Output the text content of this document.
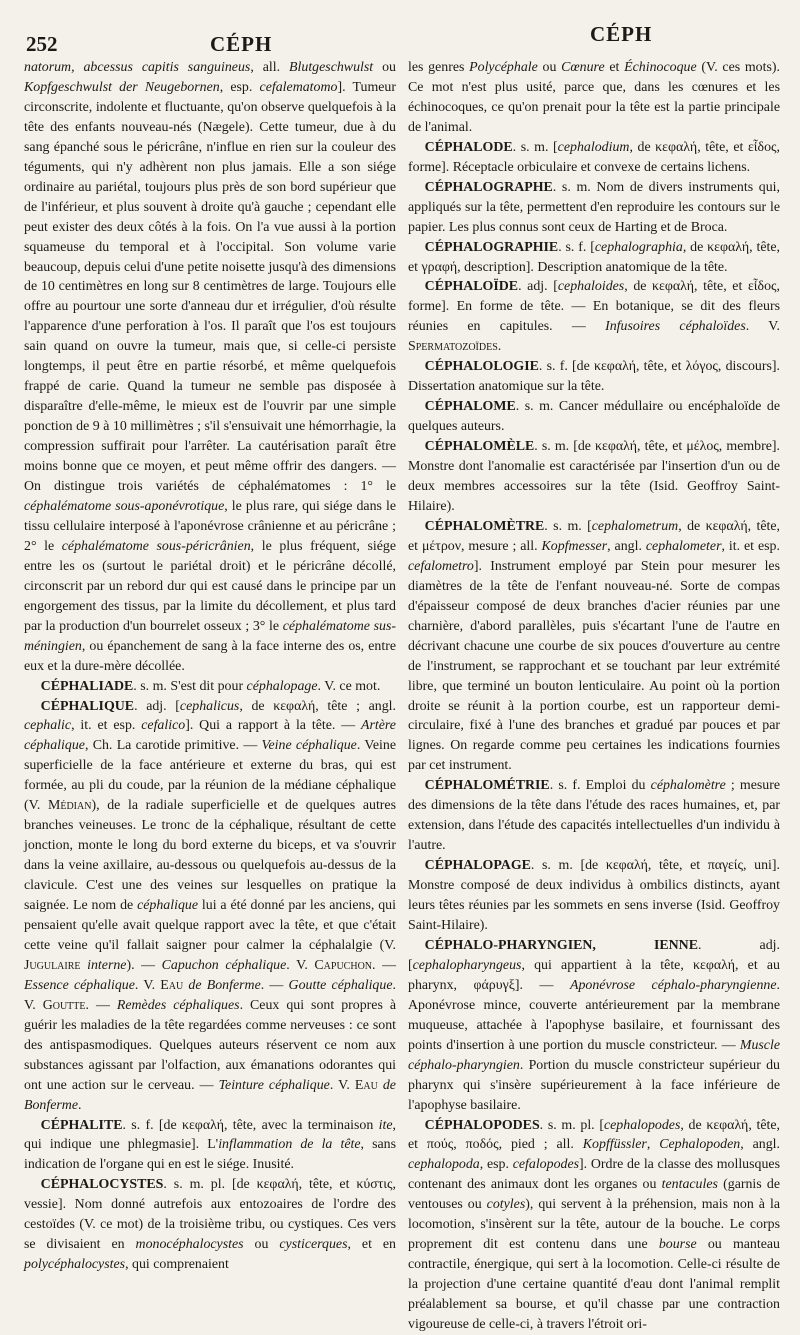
252	CÉPH	CÉPH

natorum, abcessus capitis sanguineus, all. Blutgeschwulst ou Kopfgeschwulst der Neugebornen, esp. cefalematomo]. Tumeur circonscrite, indolente et fluctuante, qu'on observe quelquefois à la tête des enfants nouveau-nés (Nægele). Cette tumeur, due à du sang épanché sous le péricrâne, n'influe en rien sur la couleur des téguments, qui n'y adhèrent non plus jamais. Elle a son siége ordinaire au pariétal, toujours plus près de son bord supérieur que de l'inférieur, et plus souvent à droite qu'à gauche ; cependant elle peut exister des deux côtés à la fois. On l'a vue aussi à la portion squameuse du temporal et à l'occipital. Son volume varie beaucoup, depuis celui d'une petite noisette jusqu'à des dimensions de 10 centimètres en long sur 8 centimètres de large. Toujours elle offre au pourtour une sorte d'anneau dur et irrégulier, d'où résulte l'apparence d'une perforation à l'os. Il paraît que l'os est toujours sain quand on ouvre la tumeur, mais que, si celle-ci persiste longtemps, il peut être en partie résorbé, et même quelquefois frappé de carie. Quand la tumeur ne semble pas disposée à disparaître d'elle-même, le mieux est de l'ouvrir par une simple ponction de 9 à 10 millimètres ; s'il s'ensuivait une hémorrhagie, la compression suffirait pour l'arrêter. La cautérisation paraît être moins bonne que ce moyen, et peut même offrir des dangers. — On distingue trois variétés de céphalématomes : 1° le céphalématome sous-aponévrotique, le plus rare, qui siége dans le tissu cellulaire interposé à l'aponévrose crânienne et au péricrâne ; 2° le céphalématome sous-péricrânien, le plus fréquent, siége entre les os (surtout le pariétal droit) et le péricrâne décollé, circonscrit par un rebord dur qui est causé dans le principe par un engorgement des tissus, par la limite du décollement, et plus tard par la production d'un bourrelet osseux ; 3° le céphalématome sus-méningien, ou épanchement de sang à la face interne des os, entre eux et la dure-mère décollée.

CÉPHALIADE. s. m. S'est dit pour céphalopage. V. ce mot.

CÉPHALIQUE. adj. [cephalicus, de κεφαλή, tête ; angl. cephalic, it. et esp. cefalico]. Qui a rapport à la tête. — Artère céphalique, Ch. La carotide primitive. — Veine céphalique. Veine superficielle de la face antérieure et externe du bras, qui est formée, au pli du coude, par la réunion de la médiane céphalique (V. Médian), de la radiale superficielle et de quelques autres branches veineuses. Le tronc de la céphalique, résultant de cette jonction, monte le long du bord externe du biceps, et va s'ouvrir dans la veine axillaire, au-dessous ou quelquefois au-dessus de la clavicule. C'est une des veines sur lesquelles on pratique la saignée. Le nom de céphalique lui a été donné par les anciens, qui pensaient qu'elle avait quelque rapport avec la tête, et que c'était cette veine qu'il fallait saigner pour calmer la céphalalgie (V. Jugulaire interne). — Capuchon céphalique. V. Capuchon. — Essence céphalique. V. Eau de Bonferme. — Goutte céphalique. V. Goutte. — Remèdes céphaliques. Ceux qui sont propres à guérir les maladies de la tête regardées comme nerveuses : ce sont des antispasmodiques. Quelques auteurs réservent ce nom aux substances agissant par l'olfaction, aux émanations odorantes qui ont une action sur le cerveau. — Teinture céphalique. V. Eau de Bonferme.

CÉPHALITE. s. f. [de κεφαλή, tête, avec la terminaison ite, qui indique une phlegmasie]. L'inflammation de la tête, sans indication de l'organe qui en est le siége. Inusité.

CÉPHALOCYSTES. s. m. pl. [de κεφαλή, tête, et κύστις, vessie]. Nom donné autrefois aux entozoaires de l'ordre des cestoïdes (V. ce mot) de la troisième tribu, ou cystiques. Ces vers se divisaient en monocéphalocystes ou cysticerques, et en polycéphalocystes, qui comprenaient

les genres Polycéphale ou Cœnure et Échinocoque (V. ces mots). Ce mot n'est plus usité, parce que, dans les cœnures et les échinocoques, ce qu'on prenait pour la tête est la partie principale de l'animal.

CÉPHALODE. s. m. [cephalodium, de κεφαλή, tête, et εἶδος, forme]. Réceptacle orbiculaire et convexe de certains lichens.

CÉPHALOGRAPHE. s. m. Nom de divers instruments qui, appliqués sur la tête, permettent d'en reproduire les contours sur le papier. Les plus connus sont ceux de Harting et de Broca.

CÉPHALOGRAPHIE. s. f. [cephalographia, de κεφαλή, tête, et γραφή, description]. Description anatomique de la tête.

CÉPHALOÏDE. adj. [cephaloides, de κεφαλή, tête, et εἶδος, forme]. En forme de tête. — En botanique, se dit des fleurs réunies en capitules. — Infusoires céphaloïdes. V. Spermatozoïdes.

CÉPHALOLOGIE. s. f. [de κεφαλή, tête, et λόγος, discours]. Dissertation anatomique sur la tête.

CÉPHALOME. s. m. Cancer médullaire ou encéphaloïde de quelques auteurs.

CÉPHALOMÈLE. s. m. [de κεφαλή, tête, et μέλος, membre]. Monstre dont l'anomalie est caractérisée par l'insertion d'un ou de deux membres accessoires sur la tête (Isid. Geoffroy Saint-Hilaire).

CÉPHALOMÈTRE. s. m. [cephalometrum, de κεφαλή, tête, et μέτρον, mesure ; all. Kopfmesser, angl. cephalometer, it. et esp. cefalometro]. Instrument employé par Stein pour mesurer les diamètres de la tête de l'enfant nouveau-né. Sorte de compas d'épaisseur composé de deux branches d'acier réunies par une charnière, d'abord parallèles, puis s'écartant l'une de l'autre en décrivant chacune une courbe de six pouces d'ouverture au centre de l'instrument, se rapprochant et se touchant par leur extrémité libre, que terminé un bouton lenticulaire. Au point où la portion droite se réunit à la portion courbe, est un rapporteur demi-circulaire, fixé à l'une des branches et gradué par pouces et par lignes. On regarde comme peu certaines les indications fournies par cet instrument.

CÉPHALOMÉTRIE. s. f. Emploi du céphalomètre ; mesure des dimensions de la tête dans l'étude des races humaines, et, par extension, dans l'étude des capacités intellectuelles d'un individu à l'autre.

CÉPHALOPAGE. s. m. [de κεφαλή, tête, et παγείς, uni]. Monstre composé de deux individus à ombilics distincts, ayant leurs têtes réunies par les sommets en sens inverse (Isid. Geoffroy Saint-Hilaire).

CÉPHALO-PHARYNGIEN, IENNE. adj. [cephalopharyngeus, qui appartient à la tête, κεφαλή, et au pharynx, φάρυγξ]. — Aponévrose céphalo-pharyngienne. Aponévrose mince, couverte antérieurement par la membrane muqueuse, attachée à l'apophyse basilaire, et fournissant des points d'insertion à une portion du muscle constricteur. — Muscle céphalo-pharyngien. Portion du muscle constricteur supérieur du pharynx qui s'insère supérieurement à la face inférieure de l'apophyse basilaire.

CÉPHALOPODES. s. m. pl. [cephalopodes, de κεφαλή, tête, et πούς, ποδός, pied ; all. Kopffüssler, Cephalopoden, angl. cephalopoda, esp. cefalopodes]. Ordre de la classe des mollusques contenant des animaux dont les organes ou tentacules (garnis de ventouses ou cotyles), qui servent à la préhension, mais non à la locomotion, s'insèrent sur la tête, autour de la bouche. Le corps proprement dit est contenu dans une bourse ou manteau contractile, énergique, qui sert à la locomotion. Celle-ci résulte de la projection d'une certaine quantité d'eau dont l'animal remplit préalablement sa bourse, et qu'il chasse par une contraction vigoureuse de celle-ci, à travers l'étroit ori-
